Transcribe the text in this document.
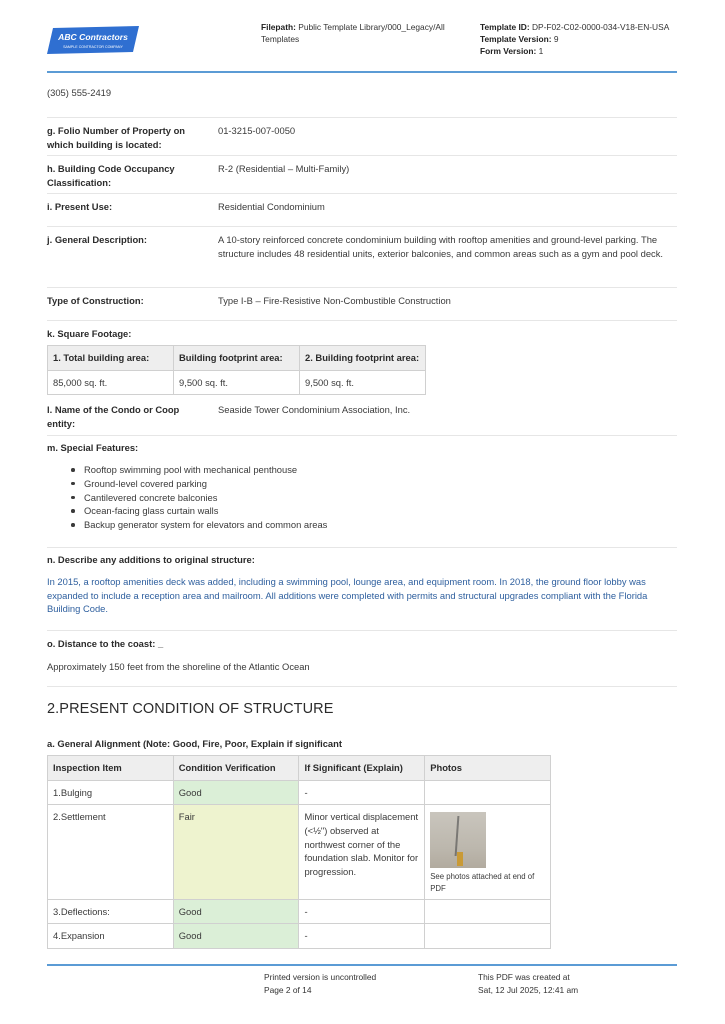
ABC Contractors
SAMPLE CONTRACTOR COMPANY
Filepath: Public Template Library/000_Legacy/All Templates
Template ID: DP-F02-C02-0000-034-V18-EN-USA
Template Version: 9
Form Version: 1
(305) 555-2419
g. Folio Number of Property on which building is located:
01-3215-007-0050
h. Building Code Occupancy Classification:
R-2 (Residential – Multi-Family)
i. Present Use:	Residential Condominium
j. General Description:	A 10-story reinforced concrete condominium building with rooftop amenities and ground-level parking. The structure includes 48 residential units, exterior balconies, and common areas such as a gym and pool deck.
Type of Construction:	Type I-B – Fire-Resistive Non-Combustible Construction
k. Square Footage:
1. Total building area:	Building footprint area:	2. Building footprint area:
85,000 sq. ft.	9,500 sq. ft.	9,500 sq. ft.
l. Name of the Condo or Coop entity:
Seaside Tower Condominium Association, Inc.
m. Special Features:
Rooftop swimming pool with mechanical penthouse
Ground-level covered parking
Cantilevered concrete balconies
Ocean-facing glass curtain walls
Backup generator system for elevators and common areas
n. Describe any additions to original structure:
In 2015, a rooftop amenities deck was added, including a swimming pool, lounge area, and equipment room. In 2018, the ground floor lobby was expanded to include a reception area and mailroom. All additions were completed with permits and structural upgrades compliant with the Florida Building Code.
o. Distance to the coast: _
Approximately 150 feet from the shoreline of the Atlantic Ocean
2.PRESENT CONDITION OF STRUCTURE
a. General Alignment (Note: Good, Fire, Poor, Explain if significant
Inspection Item	Condition Verification	If Significant (Explain)	Photos
1.Bulging	Good	-	
2.Settlement	Fair	Minor vertical displacement (<½") observed at northwest corner of the foundation slab. Monitor for progression.	See photos attached at end of PDF

3.Deflections:	Good	-	
4.Expansion	Good	-	
Printed version is uncontrolled
Page 2 of 14
This PDF was created at
Sat, 12 Jul 2025, 12:41 am
